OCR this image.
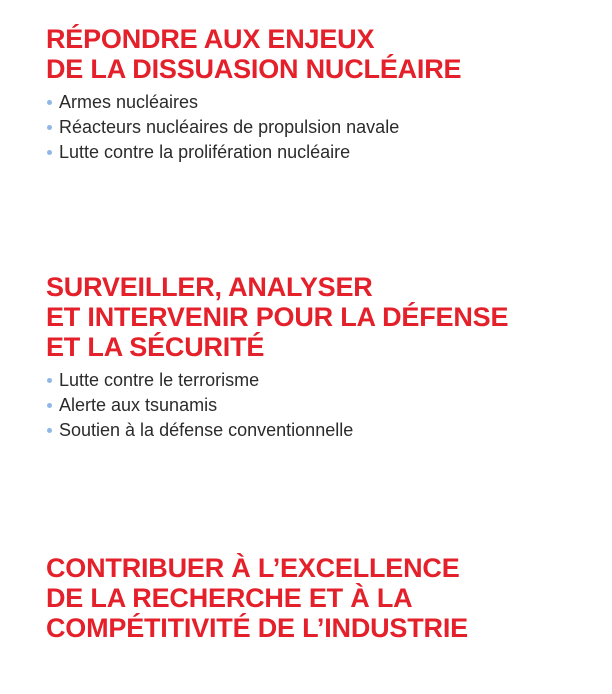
RÉPONDRE AUX ENJEUX
DE LA DISSUASION NUCLÉAIRE
Armes nucléaires
Réacteurs nucléaires de propulsion navale
Lutte contre la prolifération nucléaire
SURVEILLER, ANALYSER
ET INTERVENIR POUR LA DÉFENSE
ET LA SÉCURITÉ
Lutte contre le terrorisme
Alerte aux tsunamis
Soutien à la défense conventionnelle
CONTRIBUER À L’EXCELLENCE
DE LA RECHERCHE ET À LA
COMPÉTITIVITÉ DE L’INDUSTRIE
